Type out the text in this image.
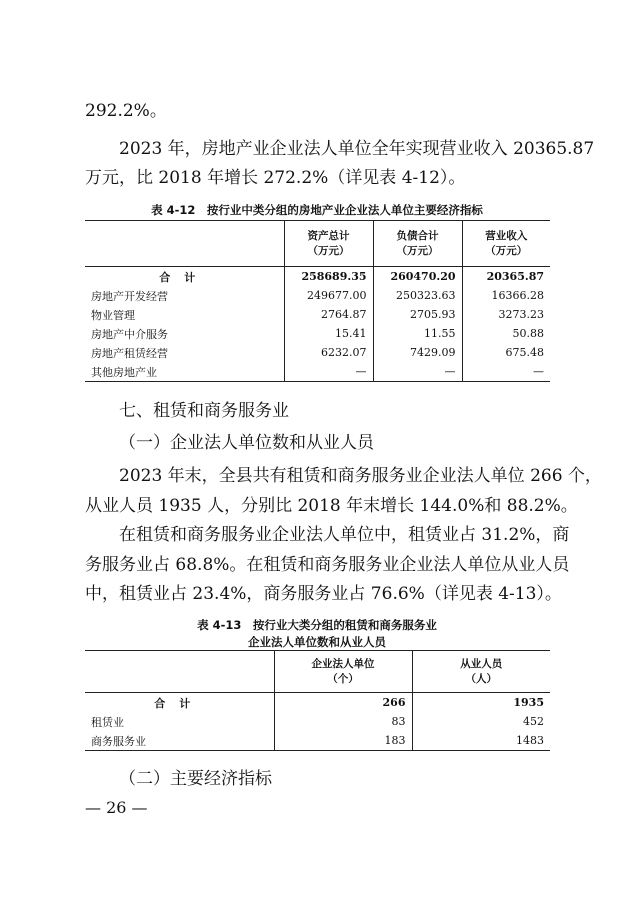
292.2%。

2023 年，房地产业企业法人单位全年实现营业收入 20365.87

万元，比 2018 年增长 272.2%（详见表 4-12）。

表 4-12　按行业中类分组的房地产业企业法人单位主要经济指标

	资产总计
（万元）	负债合计
（万元）	营业收入
（万元）
合计	258689.35	260470.20	20365.87
房地产开发经营	249677.00	250323.63	16366.28
物业管理	2764.87	2705.93	3273.23
房地产中介服务	15.41	11.55	50.88
房地产租赁经营	6232.07	7429.09	675.48
其他房地产业	—	—	—

七、租赁和商务服务业

（一）企业法人单位数和从业人员

2023 年末，全县共有租赁和商务服务业企业法人单位 266 个，

从业人员 1935 人，分别比 2018 年末增长 144.0%和 88.2%。

在租赁和商务服务业企业法人单位中，租赁业占 31.2%，商

务服务业占 68.8%。在租赁和商务服务业企业法人单位从业人员

中，租赁业占 23.4%，商务服务业占 76.6%（详见表 4-13）。

表 4-13　按行业大类分组的租赁和商务服务业

企业法人单位数和从业人员

	企业法人单位
（个）	从业人员
（人）
合计	266	1935
租赁业	83	452
商务服务业	183	1483

（二）主要经济指标

— 26 —
